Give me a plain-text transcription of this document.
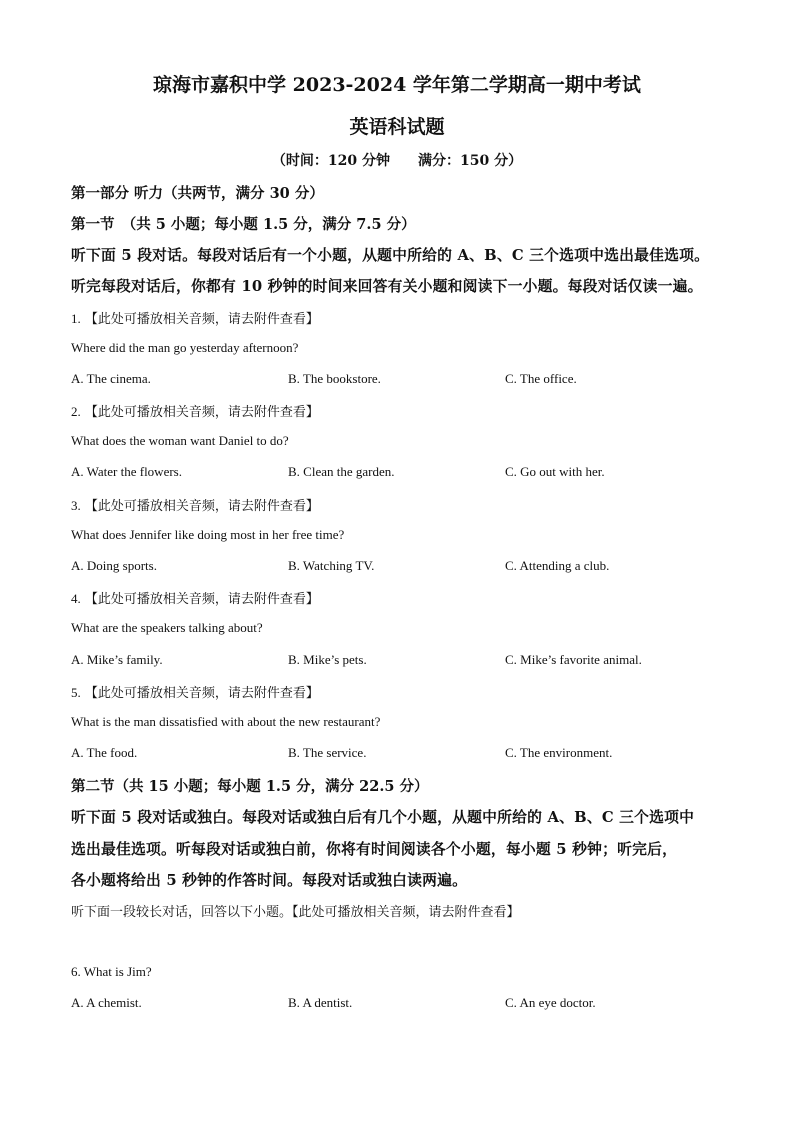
琼海市嘉积中学 2023-2024 学年第二学期高一期中考试
英语科试题
（时间：120 分钟　　满分：150 分）
第一部分 听力（共两节，满分 30 分）
第一节　（共 5 小题；每小题 1.5 分，满分 7.5 分）
听下面 5 段对话。每段对话后有一个小题，从题中所给的 A、B、C 三个选项中选出最佳选项。
听完每段对话后，你都有 10 秒钟的时间来回答有关小题和阅读下一小题。每段对话仅读一遍。
1. 【此处可播放相关音频，请去附件查看】
Where did the man go yesterday afternoon?
A. The cinema.	B. The bookstore.	C. The office.
2. 【此处可播放相关音频，请去附件查看】
What does the woman want Daniel to do?
A. Water the flowers.	B. Clean the garden.	C. Go out with her.
3. 【此处可播放相关音频，请去附件查看】
What does Jennifer like doing most in her free time?
A. Doing sports.	B. Watching TV.	C. Attending a club.
4. 【此处可播放相关音频，请去附件查看】
What are the speakers talking about?
A. Mike’s family.	B. Mike’s pets.	C. Mike’s favorite animal.
5. 【此处可播放相关音频，请去附件查看】
What is the man dissatisfied with about the new restaurant?
A. The food.	B. The service.	C. The environment.
第二节（共 15 小题；每小题 1.5 分，满分 22.5 分）
听下面 5 段对话或独白。每段对话或独白后有几个小题，从题中所给的 A、B、C 三个选项中
选出最佳选项。听每段对话或独白前，你将有时间阅读各个小题，每小题 5 秒钟；听完后，
各小题将给出 5 秒钟的作答时间。每段对话或独白读两遍。
听下面一段较长对话，回答以下小题。【此处可播放相关音频，请去附件查看】
6. What is Jim?
A. A chemist.	B. A dentist.	C. An eye doctor.
